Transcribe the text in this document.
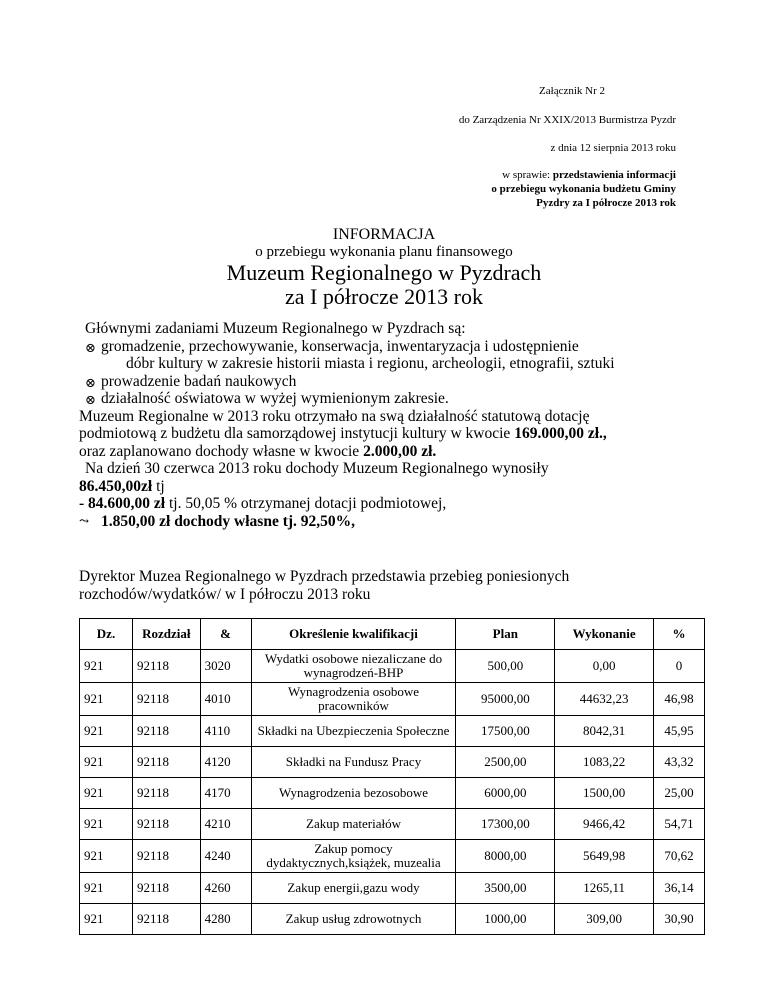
Załącznik Nr 2
do Zarządzenia Nr XXIX/2013 Burmistrza Pyzdr
z dnia 12 sierpnia 2013 roku
w sprawie: przedstawienia informacji
o przebiegu wykonania budżetu Gminy
Pyzdry za I półrocze 2013 rok
INFORMACJA
o przebiegu wykonania planu finansowego
Muzeum Regionalnego w Pyzdrach
za I półrocze 2013 rok

Głównymi zadaniami Muzeum Regionalnego w Pyzdrach są:

⊗ gromadzenie, przechowywanie, konserwacja, inwentaryzacja i udostępnienie

dóbr kultury w zakresie historii miasta i regionu, archeologii, etnografii, sztuki

⊗ prowadzenie badań naukowych

⊗ działalność oświatowa w wyżej wymienionym zakresie.

Muzeum Regionalne w 2013 roku otrzymało na swą działalność statutową dotację

podmiotową z budżetu dla samorządowej instytucji kultury w kwocie 169.000,00 zł.,

oraz zaplanowano dochody własne w kwocie 2.000,00 zł.

Na dzień 30 czerwca 2013 roku dochody Muzeum Regionalnego wynosiły

86.450,00zł tj

- 84.600,00 zł tj. 50,05 % otrzymanej dotacji podmiotowej,

⤳ 1.850,00 zł dochody własne tj. 92,50%,

Dyrektor Muzea Regionalnego w Pyzdrach przedstawia przebieg poniesionych

rozchodów/wydatków/ w I półroczu 2013 roku

Dz.	Rozdział	&	Określenie kwalifikacji	Plan	Wykonanie	%
921	92118	3020	Wydatki osobowe niezaliczane do wynagrodzeń-BHP	500,00	0,00	0
921	92118	4010	Wynagrodzenia osobowe pracowników	95000,00	44632,23	46,98
921	92118	4110	Składki na Ubezpieczenia Społeczne	17500,00	8042,31	45,95
921	92118	4120	Składki na Fundusz Pracy	2500,00	1083,22	43,32
921	92118	4170	Wynagrodzenia bezosobowe	6000,00	1500,00	25,00
921	92118	4210	Zakup materiałów	17300,00	9466,42	54,71
921	92118	4240	Zakup pomocy dydaktycznych,książek, muzealia	8000,00	5649,98	70,62
921	92118	4260	Zakup energii,gazu wody	3500,00	1265,11	36,14
921	92118	4280	Zakup usług zdrowotnych	1000,00	309,00	30,90
